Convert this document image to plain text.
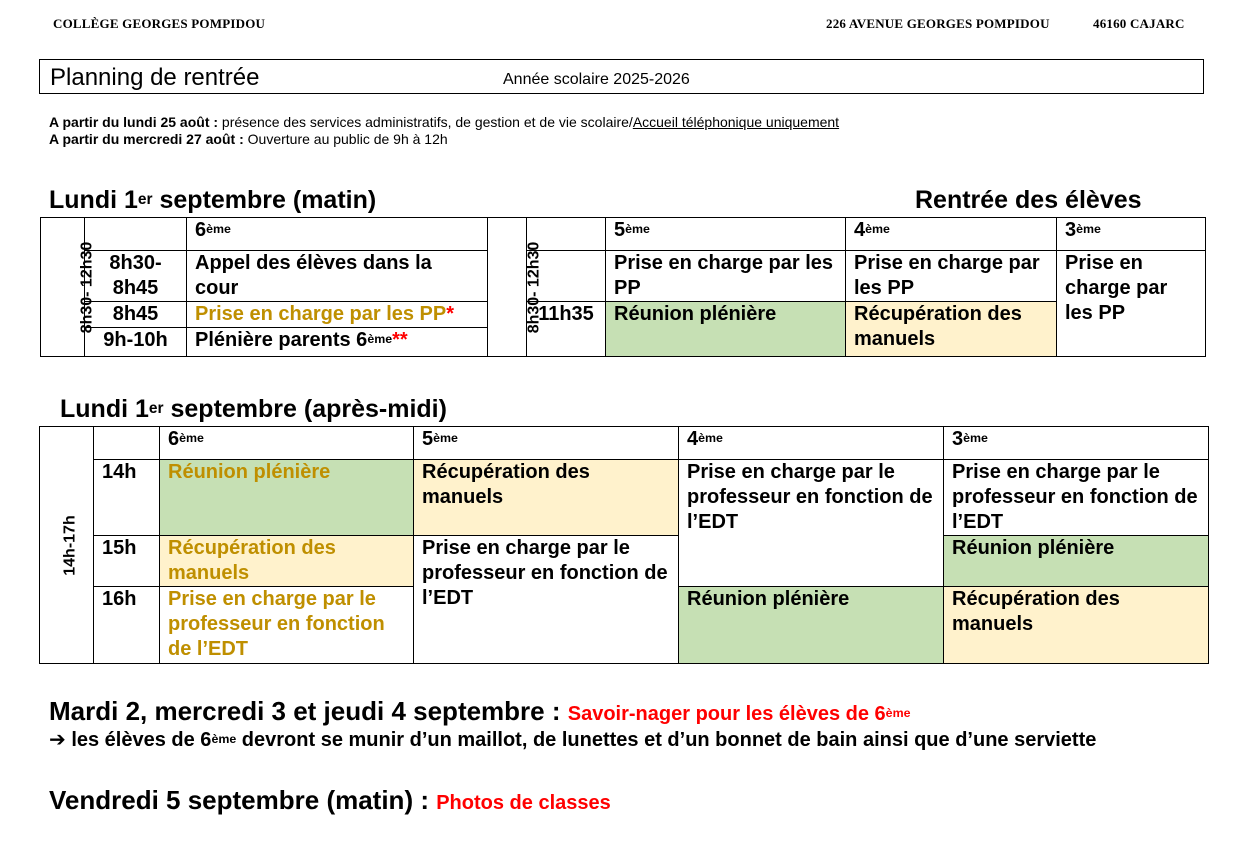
COLLÈGE GEORGES POMPIDOU	226 AVENUE GEORGES POMPIDOU	46160 CAJARC
Planning de rentrée	Année scolaire 2025-2026
A partir du lundi 25 août : présence des services administratifs, de gestion et de vie scolaire/Accueil téléphonique uniquement
A partir du mercredi 27 août : Ouverture au public de 9h à 12h
Lundi 1er septembre (matin)	Rentrée des élèves
8h30- 12h30		6ème
	8h30-8h45	Appel des élèves dans la cour
	8h45	Prise en charge par les PP*
	9h-10h	Plénière parents 6ème**
8h30- 12h30		5ème	4ème	3ème
		Prise en charge par les PP	Prise en charge par les PP	Prise en charge par les PP
	11h35	Réunion plénière	Récupération des manuels	
Lundi 1er septembre (après-midi)
14h-17h		6ème	5ème	4ème	3ème
	14h	Réunion plénière	Récupération des manuels	Prise en charge par le professeur en fonction de l’EDT	Prise en charge par le professeur en fonction de l’EDT
	15h	Récupération des manuels	Prise en charge par le professeur en fonction de l’EDT		Réunion plénière
	16h	Prise en charge par le professeur en fonction de l’EDT		Réunion plénière	Récupération des manuels
Mardi 2, mercredi 3 et jeudi 4 septembre : Savoir-nager pour les élèves de 6ème
➔ les élèves de 6ème devront se munir d’un maillot, de lunettes et d’un bonnet de bain ainsi que d’une serviette
Vendredi 5 septembre (matin) : Photos de classes
